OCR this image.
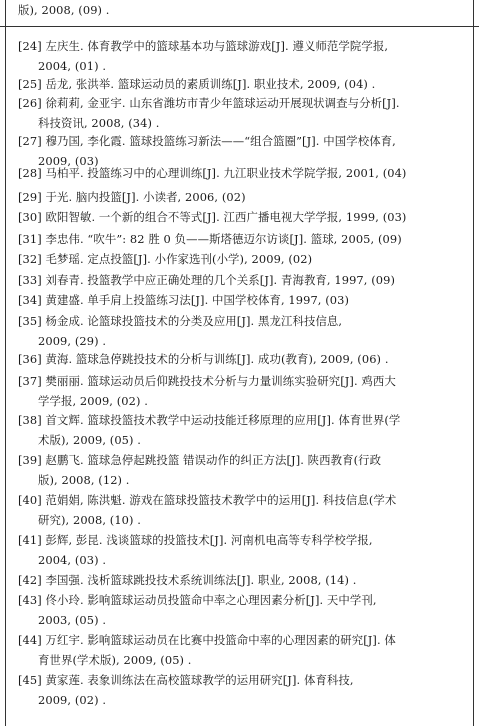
版), 2008, (09) .
[24] 左庆生. 体育教学中的篮球基本功与篮球游戏[J]. 遵义师范学院学报,
2004, (01) .
[25] 岳龙, 张洪举. 篮球运动员的素质训练[J]. 职业技术, 2009, (04) .
[26] 徐莉莉, 金亚宇. 山东省潍坊市青少年篮球运动开展现状调查与分析[J].
科技资讯, 2008, (34) .
[27] 穆乃国, 李化霞. 篮球投篮练习新法——“组合篮圈”[J]. 中国学校体育,
2009, (03)
[28] 马柏平. 投篮练习中的心理训练[J]. 九江职业技术学院学报, 2001, (04)
[29] 于光. 脑内投篮[J]. 小读者, 2006, (02)
[30] 欧阳智敏. 一个新的组合不等式[J]. 江西广播电视大学学报, 1999, (03)
[31] 李忠伟. “吹牛”: 82 胜 0 负——斯塔德迈尔访谈[J]. 篮球, 2005, (09)
[32] 毛梦瑶. 定点投篮[J]. 小作家选刊(小学), 2009, (02)
[33] 刘春青. 投篮教学中应正确处理的几个关系[J]. 青海教育, 1997, (09)
[34] 黄建盛. 单手肩上投篮练习法[J]. 中国学校体育, 1997, (03)
[35] 杨金成. 论篮球投篮技术的分类及应用[J]. 黑龙江科技信息,
2009, (29) .
[36] 黄海. 篮球急停跳投技术的分析与训练[J]. 成功(教育), 2009, (06) .
[37] 樊丽丽. 篮球运动员后仰跳投技术分析与力量训练实验研究[J]. 鸡西大
学学报, 2009, (02) .
[38] 首文辉. 篮球投篮技术教学中运动技能迁移原理的应用[J]. 体育世界(学
术版), 2009, (05) .
[39] 赵鹏飞. 篮球急停起跳投篮 错误动作的纠正方法[J]. 陕西教育(行政
版), 2008, (12) .
[40] 范娟娟, 陈洪魁. 游戏在篮球投篮技术教学中的运用[J]. 科技信息(学术
研究), 2008, (10) .
[41] 彭辉, 彭昆. 浅谈篮球的投篮技术[J]. 河南机电高等专科学校学报,
2004, (03) .
[42] 李国强. 浅析篮球跳投技术系统训练法[J]. 职业, 2008, (14) .
[43] 佟小玲. 影响篮球运动员投篮命中率之心理因素分析[J]. 天中学刊,
2003, (05) .
[44] 万红宇. 影响篮球运动员在比赛中投篮命中率的心理因素的研究[J]. 体
育世界(学术版), 2009, (05) .
[45] 黄家莲. 表象训练法在高校篮球教学的运用研究[J]. 体育科技,
2009, (02) .
